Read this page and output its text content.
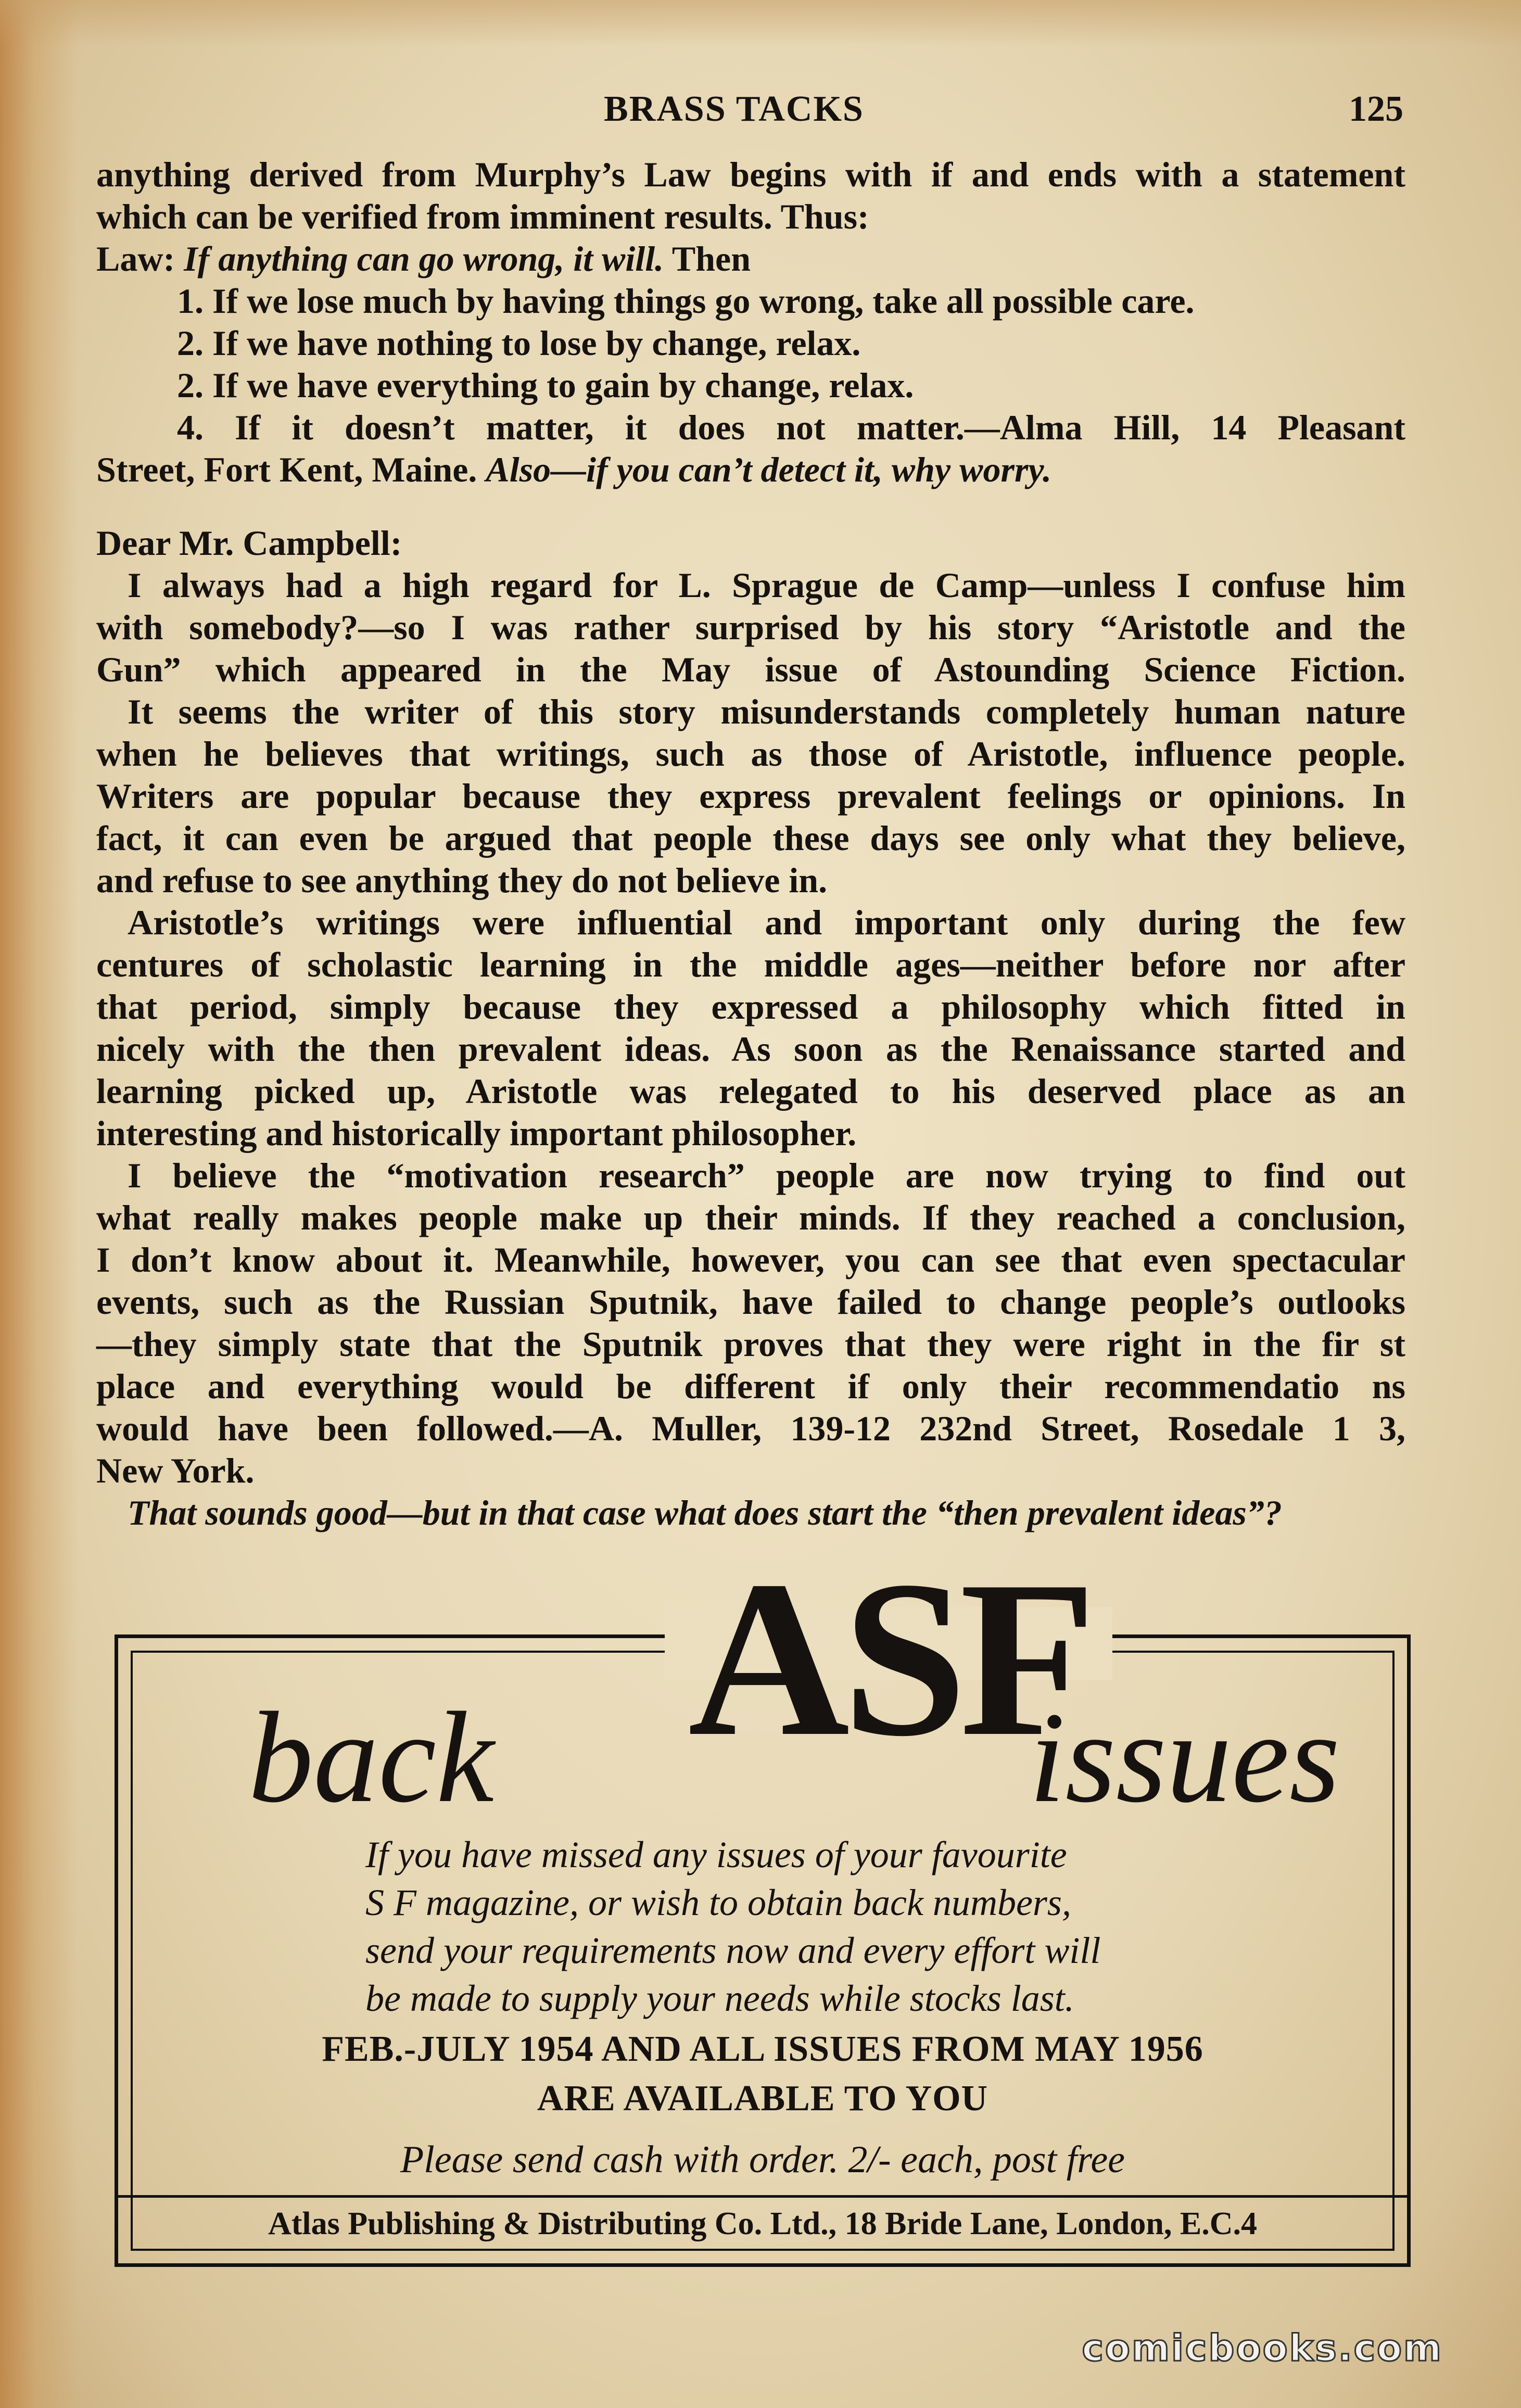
BRASS TACKS	125
anything derived from Murphy’s Law begins with if and ends with a statement
which can be verified from imminent results. Thus:
Law: If anything can go wrong, it will. Then
1. If we lose much by having things go wrong, take all possible care.
2. If we have nothing to lose by change, relax.
2. If we have everything to gain by change, relax.
4. If it doesn’t matter, it does not matter.—Alma Hill, 14 Pleasant
Street, Fort Kent, Maine. Also—if you can’t detect it, why worry.
Dear Mr. Campbell:
I always had a high regard for L. Sprague de Camp—unless I confuse him
with somebody?—so I was rather surprised by his story “Aristotle and the
Gun” which appeared in the May issue of Astounding Science Fiction.
It seems the writer of this story misunderstands completely human nature
when he believes that writings, such as those of Aristotle, influence people.
Writers are popular because they express prevalent feelings or opinions. In
fact, it can even be argued that people these days see only what they believe,
and refuse to see anything they do not believe in.
Aristotle’s writings were influential and important only during the few
centures of scholastic learning in the middle ages—neither before nor after
that period, simply because they expressed a philosophy which fitted in
nicely with the then prevalent ideas. As soon as the Renaissance started and
learning picked up, Aristotle was relegated to his deserved place as an
interesting and historically important philosopher.
I believe the “motivation research” people are now trying to find out
what really makes people make up their minds. If they reached a conclusion,
I don’t know about it. Meanwhile, however, you can see that even spectacular
events, such as the Russian Sputnik, have failed to change people’s outlooks
—they simply state that the Sputnik proves that they were right in the fir st
place and everything would be different if only their recommendatio ns
would have been followed.—A. Muller, 139-12 232nd Street, Rosedale 1 3,
New York.
That sounds good—but in that case what does start the “then prevalent ideas”?
ASF
back	issues
If you have missed any issues of your favourite
S F magazine, or wish to obtain back numbers,
send your requirements now and every effort will
be made to supply your needs while stocks last.
FEB.-JULY 1954 AND ALL ISSUES FROM MAY 1956
ARE AVAILABLE TO YOU
Please send cash with order. 2/- each, post free
Atlas Publishing & Distributing Co. Ltd., 18 Bride Lane, London, E.C.4
comicbooks.com
